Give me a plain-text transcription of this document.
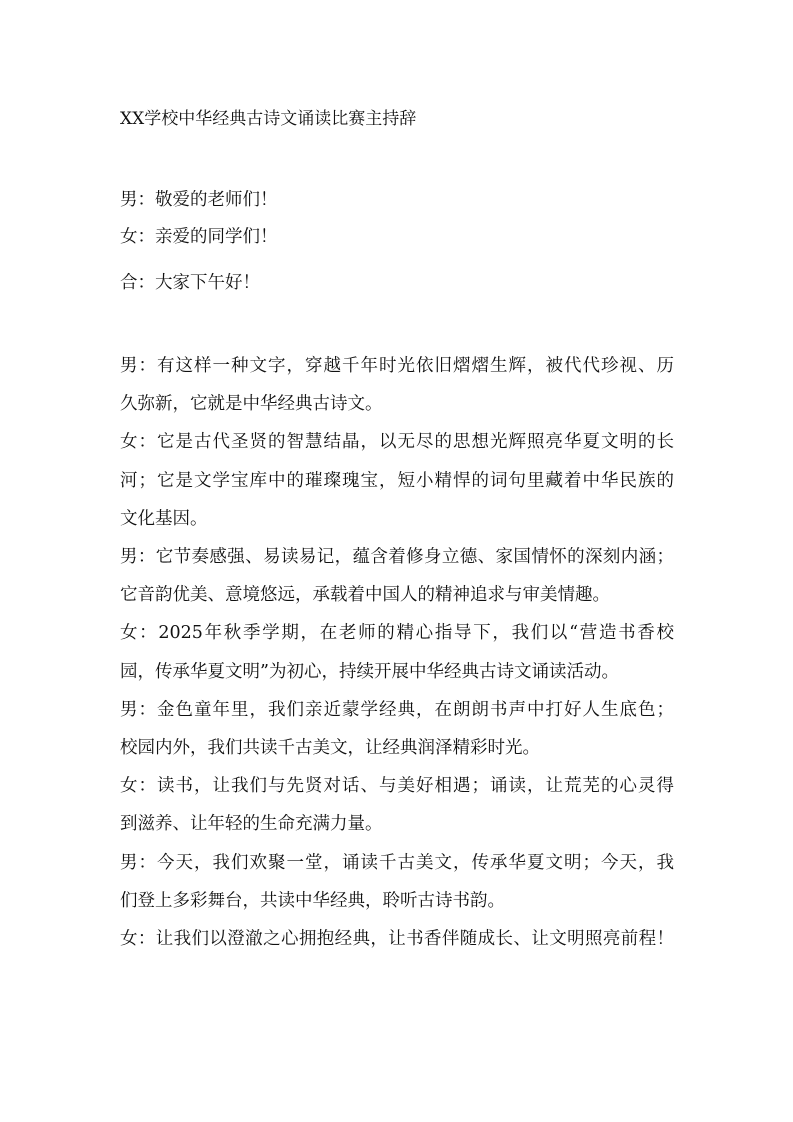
XX学校中华经典古诗文诵读比赛主持辞
男：敬爱的老师们！
女：亲爱的同学们！
合：大家下午好！
男：有这样一种文字，穿越千年时光依旧熠熠生辉，被代代珍视、历
久弥新，它就是中华经典古诗文。
女：它是古代圣贤的智慧结晶，以无尽的思想光辉照亮华夏文明的长
河；它是文学宝库中的璀璨瑰宝，短小精悍的词句里藏着中华民族的
文化基因。
男：它节奏感强、易读易记，蕴含着修身立德、家国情怀的深刻内涵；
它音韵优美、意境悠远，承载着中国人的精神追求与审美情趣。
女：2025年秋季学期，在老师的精心指导下，我们以“营造书香校
园，传承华夏文明”为初心，持续开展中华经典古诗文诵读活动。
男：金色童年里，我们亲近蒙学经典，在朗朗书声中打好人生底色；
校园内外，我们共读千古美文，让经典润泽精彩时光。
女：读书，让我们与先贤对话、与美好相遇；诵读，让荒芜的心灵得
到滋养、让年轻的生命充满力量。
男：今天，我们欢聚一堂，诵读千古美文，传承华夏文明；今天，我
们登上多彩舞台，共读中华经典，聆听古诗书韵。
女：让我们以澄澈之心拥抱经典，让书香伴随成长、让文明照亮前程！
